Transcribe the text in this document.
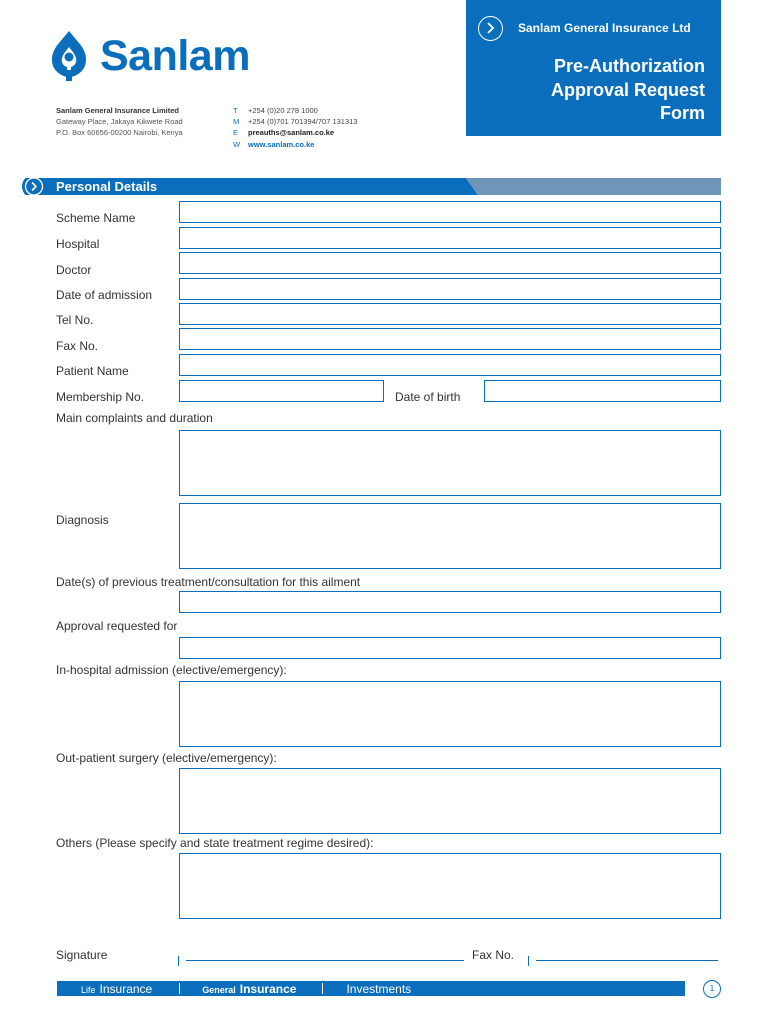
Sanlam
Sanlam General Insurance Limited
Gateway Place, Jakaya Kikwete Road
P.O. Box 60656-00200 Nairobi, Kenya
T	+254 (0)20 278 1000
M	+254 (0)701 701394/707 131313
E	preauths@sanlam.co.ke
W	www.sanlam.co.ke
Sanlam General Insurance Ltd
Pre-Authorization
Approval Request
Form
Personal Details
Scheme Name
Hospital
Doctor
Date of admission
Tel No.
Fax No.
Patient Name
Membership No.	Date of birth
Main complaints and duration
Diagnosis
Date(s) of previous treatment/consultation for this ailment
Approval requested for
In-hospital admission (elective/emergency):
Out-patient surgery (elective/emergency):
Others (Please specify and state treatment regime desired):
Signature	Fax No.
Life Insurance	General Insurance	Investments	1
